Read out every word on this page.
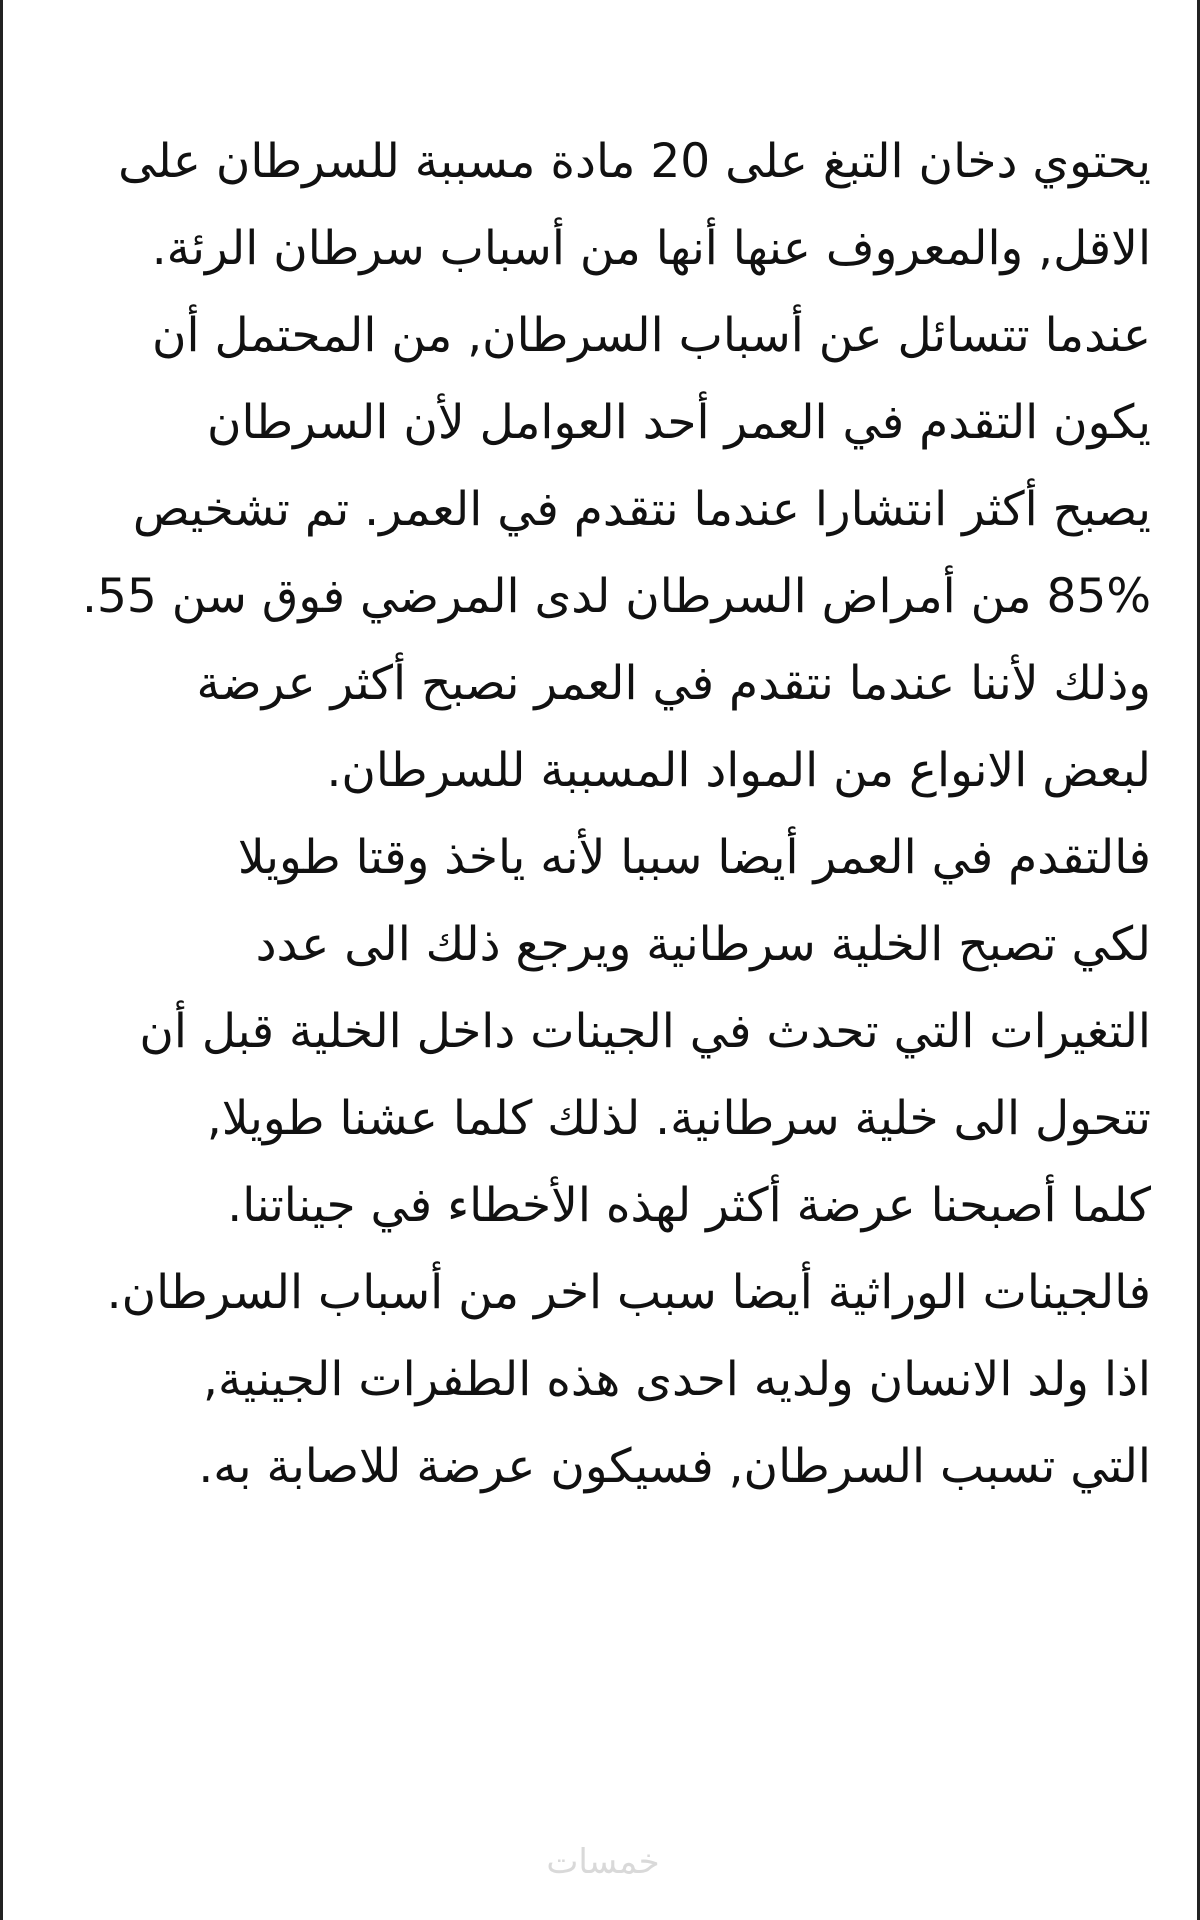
يحتوي دخان التبغ على 20 مادة مسببة للسرطان على
الاقل, والمعروف عنها أنها من أسباب سرطان الرئة.
عندما تتسائل عن أسباب السرطان, من المحتمل أن
يكون التقدم في العمر أحد العوامل لأن السرطان
يصبح أكثر انتشارا عندما نتقدم في العمر. تم تشخيص
85% من أمراض السرطان لدى المرضي فوق سن 55.
وذلك لأننا عندما نتقدم في العمر نصبح أكثر عرضة
لبعض الانواع من المواد المسببة للسرطان.
فالتقدم في العمر أيضا سببا لأنه ياخذ وقتا طويلا
لكي تصبح الخلية سرطانية ويرجع ذلك الى عدد
التغيرات التي تحدث في الجينات داخل الخلية قبل أن
تتحول الى خلية سرطانية. لذلك كلما عشنا طويلا,
كلما أصبحنا عرضة أكثر لهذه الأخطاء في جيناتنا.
فالجينات الوراثية أيضا سبب اخر من أسباب السرطان.
اذا ولد الانسان ولديه احدى هذه الطفرات الجينية,
التي تسبب السرطان, فسيكون عرضة للاصابة به.
خمسات
